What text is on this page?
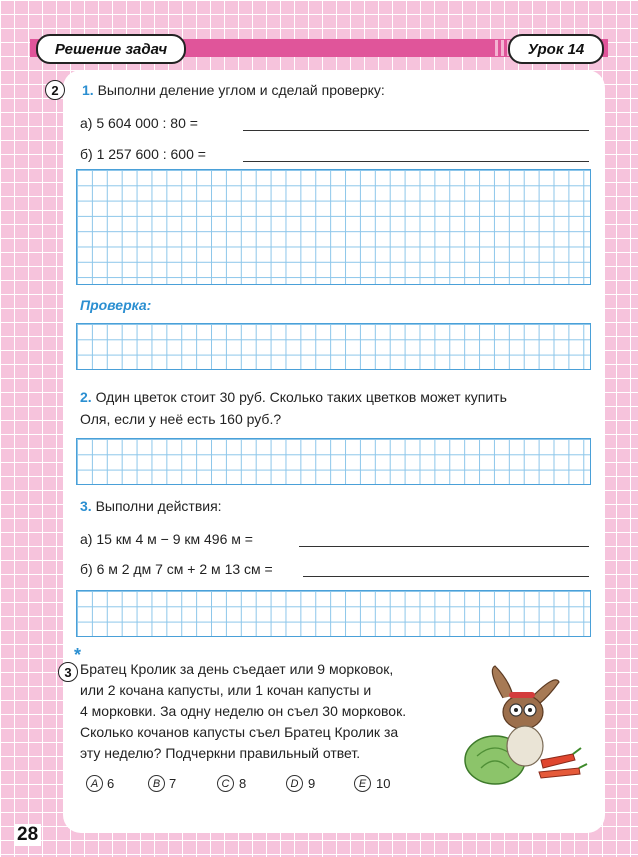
Решение задач	Урок 14
2	1. Выполни деление углом и сделай проверку:
а) 5 604 000 : 80 =
б) 1 257 600 : 600 =
Проверка:
2. Один цветок стоит 30 руб. Сколько таких цветков может купить
Оля, если у неё есть 160 руб.?
3. Выполни действия:
а) 15 км 4 м − 9 км 496 м =
б) 6 м 2 дм 7 см + 2 м 13 см =
3
*
Братец Кролик за день съедает или 9 морковок,
или 2 кочана капусты, или 1 кочан капусты и
4 морковки. За одну неделю он съел 30 морковок.
Сколько кочанов капусты съел Братец Кролик за
эту неделю? Подчеркни правильный ответ.
А 6	В 7	С 8	D 9	Е 10
28
